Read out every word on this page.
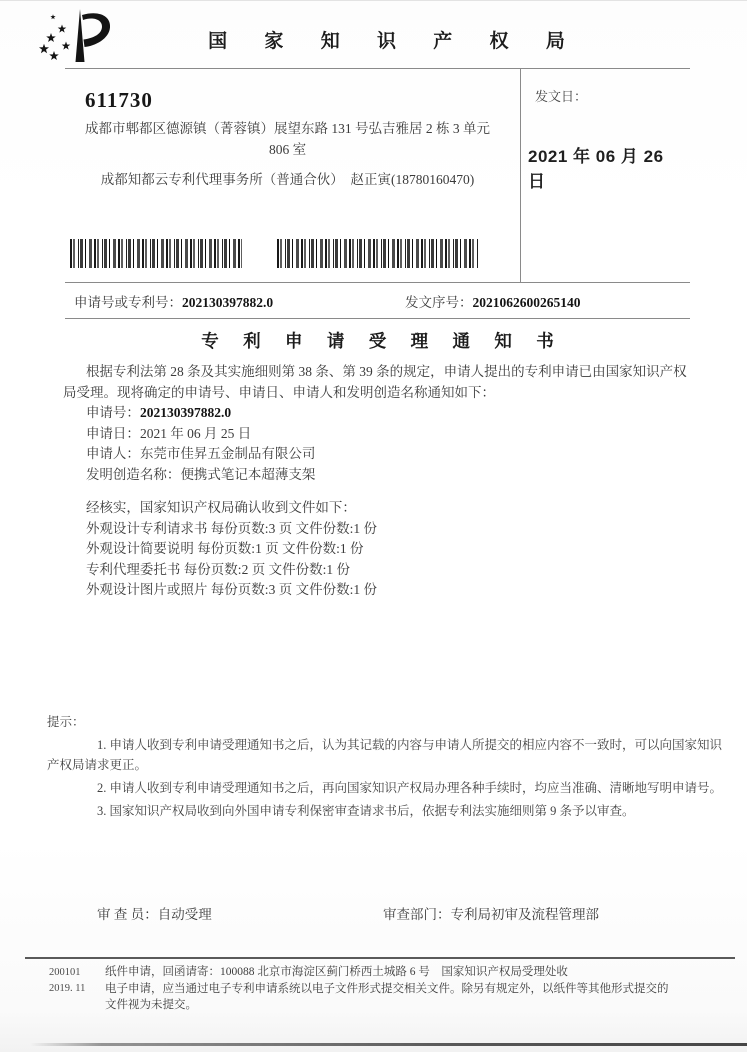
国 家 知 识 产 权 局
611730
成都市郫都区德源镇（菁蓉镇）展望东路 131 号弘吉雅居 2 栋 3 单元
806 室
成都知都云专利代理事务所（普通合伙）　赵正寅(18780160470)
发文日：
2021 年 06 月 26 日
申请号或专利号：202130397882.0	发文序号：2021062600265140
专 利 申 请 受 理 通 知 书

根据专利法第 28 条及其实施细则第 38 条、第 39 条的规定，申请人提出的专利申请已由国家知识产权局受理。现将确定的申请号、申请日、申请人和发明创造名称通知如下：

申请号：202130397882.0
申请日：2021 年 06 月 25 日
申请人：东莞市佳昇五金制品有限公司
发明创造名称：便携式笔记本超薄支架

经核实，国家知识产权局确认收到文件如下：

外观设计专利请求书 每份页数:3 页 文件份数:1 份
外观设计简要说明 每份页数:1 页 文件份数:1 份
专利代理委托书 每份页数:2 页 文件份数:1 份
外观设计图片或照片 每份页数:3 页 文件份数:1 份

提示：

1. 申请人收到专利申请受理通知书之后，认为其记载的内容与申请人所提交的相应内容不一致时，可以向国家知识产权局请求更正。

2. 申请人收到专利申请受理通知书之后，再向国家知识产权局办理各种手续时，均应当准确、清晰地写明申请号。

3. 国家知识产权局收到向外国申请专利保密审查请求书后，依据专利法实施细则第 9 条予以审查。

审 查 员：自动受理	审查部门：专利局初审及流程管理部
200101
2019. 11
纸件申请，回函请寄：100088 北京市海淀区蓟门桥西土城路 6 号　国家知识产权局受理处收
电子申请，应当通过电子专利申请系统以电子文件形式提交相关文件。除另有规定外，以纸件等其他形式提交的
文件视为未提交。
